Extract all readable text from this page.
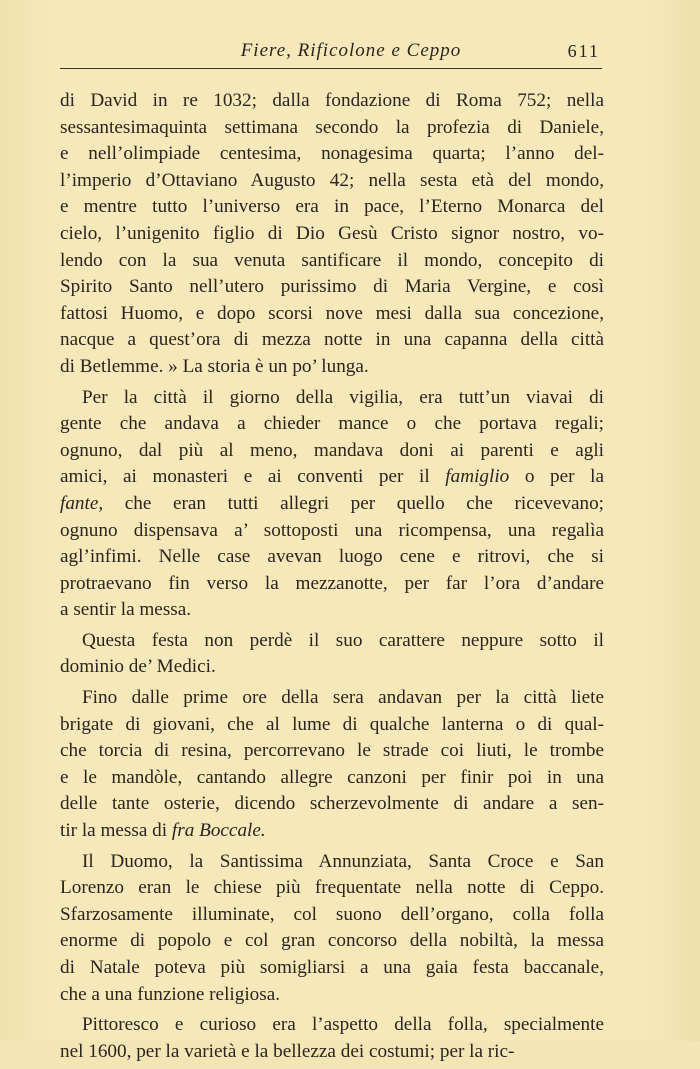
Fiere, Rificolone e Ceppo	611
di David in re 1032; dalla fondazione di Roma 752; nella
sessantesimaquinta settimana secondo la profezia di Daniele,
e nell’olimpiade centesima, nonagesima quarta; l’anno del-
l’imperio d’Ottaviano Augusto 42; nella sesta età del mondo,
e mentre tutto l’universo era in pace, l’Eterno Monarca del
cielo, l’unigenito figlio di Dio Gesù Cristo signor nostro, vo-
lendo con la sua venuta santificare il mondo, concepito di
Spirito Santo nell’utero purissimo di Maria Vergine, e così
fattosi Huomo, e dopo scorsi nove mesi dalla sua concezione,
nacque a quest’ora di mezza notte in una capanna della città
di Betlemme. » La storia è un po’ lunga.
Per la città il giorno della vigilia, era tutt’un viavai di
gente che andava a chieder mance o che portava regali;
ognuno, dal più al meno, mandava doni ai parenti e agli
amici, ai monasteri e ai conventi per il famiglio o per la
fante, che eran tutti allegri per quello che ricevevano;
ognuno dispensava a’ sottoposti una ricompensa, una regalìa
agl’infimi. Nelle case avevan luogo cene e ritrovi, che si
protraevano fin verso la mezzanotte, per far l’ora d’andare
a sentir la messa.
Questa festa non perdè il suo carattere neppure sotto il
dominio de’ Medici.
Fino dalle prime ore della sera andavan per la città liete
brigate di giovani, che al lume di qualche lanterna o di qual-
che torcia di resina, percorrevano le strade coi liuti, le trombe
e le mandòle, cantando allegre canzoni per finir poi in una
delle tante osterie, dicendo scherzevolmente di andare a sen-
tir la messa di fra Boccale.
Il Duomo, la Santissima Annunziata, Santa Croce e San
Lorenzo eran le chiese più frequentate nella notte di Ceppo.
Sfarzosamente illuminate, col suono dell’organo, colla folla
enorme di popolo e col gran concorso della nobiltà, la messa
di Natale poteva più somigliarsi a una gaia festa baccanale,
che a una funzione religiosa.
Pittoresco e curioso era l’aspetto della folla, specialmente
nel 1600, per la varietà e la bellezza dei costumi; per la ric-
